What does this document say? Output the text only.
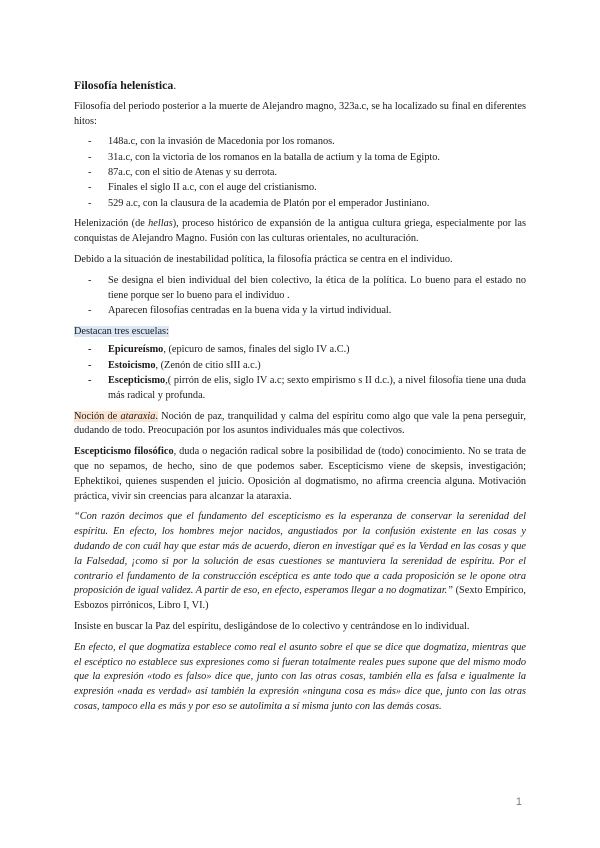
Filosofía helenística.

Filosofía del periodo posterior a la muerte de Alejandro magno, 323a.c, se ha localizado su final en diferentes hitos:

- 148a.c, con la invasión de Macedonia por los romanos.
- 31a.c, con la victoria de los romanos en la batalla de actium y la toma de Egipto.
- 87a.c, con el sitio de Atenas y su derrota.
- Finales el siglo II a.c, con el auge del cristianismo.
- 529 a.c, con la clausura de la academia de Platón por el emperador Justiniano.

Helenización (de hellas), proceso histórico de expansión de la antigua cultura griega, especialmente por las conquistas de Alejandro Magno. Fusión con las culturas orientales, no aculturación.

Debido a la situación de inestabilidad política, la filosofía práctica se centra en el individuo.

- Se designa el bien individual del bien colectivo, la ética de la política. Lo bueno para el estado no tiene porque ser lo bueno para el individuo .
- Aparecen filosofías centradas en la buena vida y la virtud individual.

Destacan tres escuelas:

- Epicureísmo, (epicuro de samos, finales del siglo IV a.C.)
- Estoicismo, (Zenón de citio sIII a.c.)
- Escepticismo,( pirrón de elis, siglo IV a.c; sexto empirismo s II d.c.), a nivel filosofía tiene una duda más radical y profunda.

Noción de ataraxia. Noción de paz, tranquilidad y calma del espíritu como algo que vale la pena perseguir, dudando de todo. Preocupación por los asuntos individuales más que colectivos.

Escepticismo filosófico, duda o negación radical sobre la posibilidad de (todo) conocimiento. No se trata de que no sepamos, de hecho, sino de que podemos saber. Escepticismo viene de skepsis, investigación; Ephektikoi, quienes suspenden el juicio. Oposición al dogmatismo, no afirma creencia alguna. Motivación práctica, vivir sin creencias para alcanzar la ataraxia.

“Con razón decimos que el fundamento del escepticismo es la esperanza de conservar la serenidad del espíritu. En efecto, los hombres mejor nacidos, angustiados por la confusión existente en las cosas y dudando de con cuál hay que estar más de acuerdo, dieron en investigar qué es la Verdad en las cosas y que la Falsedad, ¡como si por la solución de esas cuestiones se mantuviera la serenidad de espíritu. Por el contrario el fundamento de la construcción escéptica es ante todo que a cada proposición se le opone otra proposición de igual validez. A partir de eso, en efecto, esperamos llegar a no dogmatizar.” (Sexto Empírico, Esbozos pirrónicos, Libro I, VI.)

Insiste en buscar la Paz del espíritu, desligándose de lo colectivo y centrándose en lo individual.

En efecto, el que dogmatiza establece como real el asunto sobre el que se dice que dogmatiza, mientras que el escéptico no establece sus expresiones como si fueran totalmente reales pues supone que del mismo modo que la expresión «todo es falso» dice que, junto con las otras cosas, también ella es falsa e igualmente la expresión «nada es verdad» así también la expresión «ninguna cosa es más» dice que, junto con las otras cosas, tampoco ella es más y por eso se autolimita a sí misma junto con las demás cosas.

1
